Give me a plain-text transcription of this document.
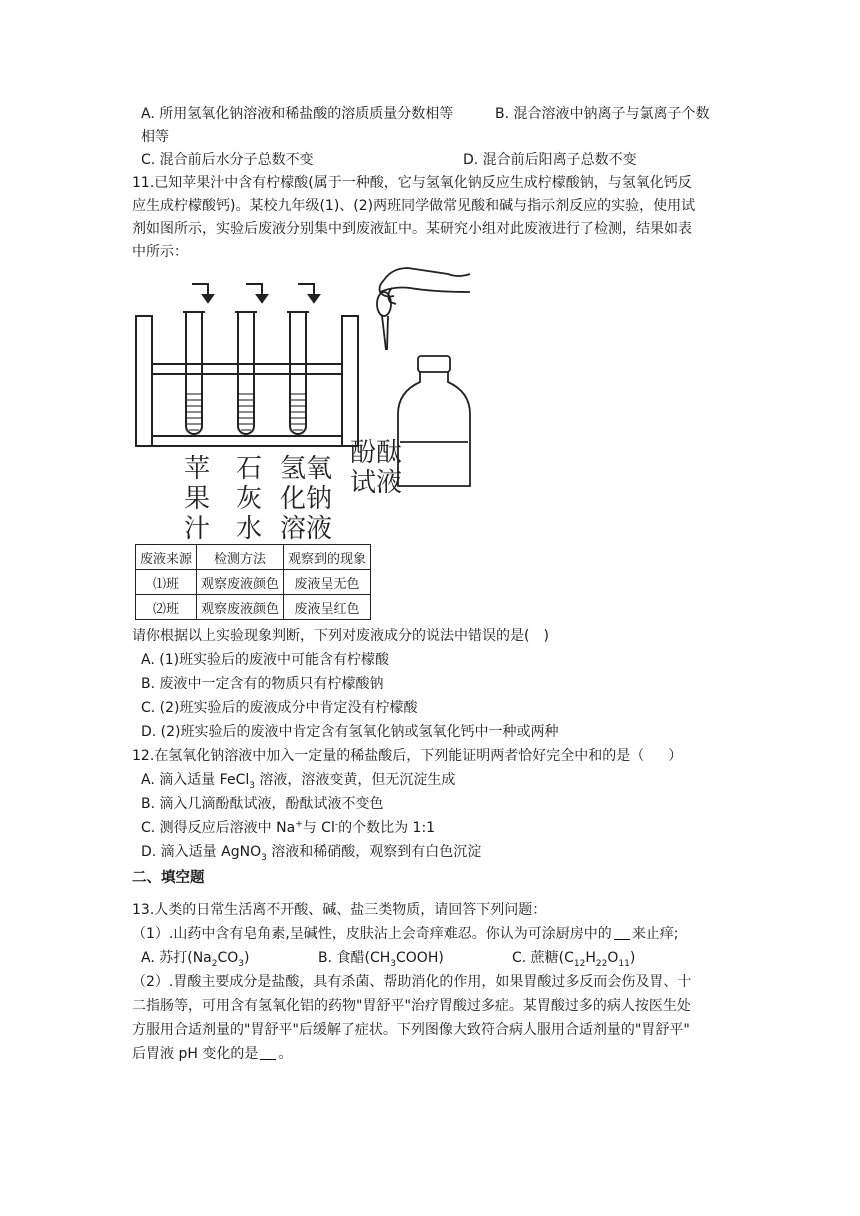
A. 所用氢氧化钠溶液和稀盐酸的溶质质量分数相等	B. 混合溶液中钠离子与氯离子个数
相等
C. 混合前后水分子总数不变	D. 混合前后阳离子总数不变
11.已知苹果汁中含有柠檬酸(属于一种酸，它与氢氧化钠反应生成柠檬酸钠，与氢氧化钙反
应生成柠檬酸钙)。某校九年级(1)、(2)两班同学做常见酸和碱与指示剂反应的实验，使用试
剂如图所示，实验后废液分别集中到废液缸中。某研究小组对此废液进行了检测，结果如表
中所示：
苹果汁
石灰水
氢氧化钠溶液
酚酞试液
废液来源	检测方法	观察到的现象
⑴班	观察废液颜色	废液呈无色
⑵班	观察废液颜色	废液呈红色
请你根据以上实验现象判断，下列对废液成分的说法中错误的是( )
A. (1)班实验后的废液中可能含有柠檬酸
B. 废液中一定含有的物质只有柠檬酸钠
C. (2)班实验后的废液成分中肯定没有柠檬酸
D. (2)班实验后的废液中肯定含有氢氧化钠或氢氧化钙中一种或两种
12.在氢氧化钠溶液中加入一定量的稀盐酸后，下列能证明两者恰好完全中和的是（ ）
A. 滴入适量 FeCl$_3$ 溶液，溶液变黄，但无沉淀生成
B. 滴入几滴酚酞试液，酚酞试液不变色
C. 测得反应后溶液中 Na+与 Cl-的个数比为 1:1
D. 滴入适量 AgNO$_3$ 溶液和稀硝酸，观察到有白色沉淀
二、填空题
13.人类的日常生活离不开酸、碱、盐三类物质，请回答下列问题：
（1）.山药中含有皂角素,呈碱性，皮肤沾上会奇痒难忍。你认为可涂厨房中的 来止痒;
A. 苏打$(Na_2CO_3)$	B. 食醋$(CH_3COOH)$	C. 蔗糖$(C_{12}H_{22}O_{11})$
（2）.胃酸主要成分是盐酸，具有杀菌、帮助消化的作用，如果胃酸过多反而会伤及胃、十
二指肠等，可用含有氢氧化铝的药物"胃舒平"治疗胃酸过多症。某胃酸过多的病人按医生处
方服用合适剂量的"胃舒平"后缓解了症状。下列图像大致符合病人服用合适剂量的"胃舒平"
后胃液 pH 变化的是 。
